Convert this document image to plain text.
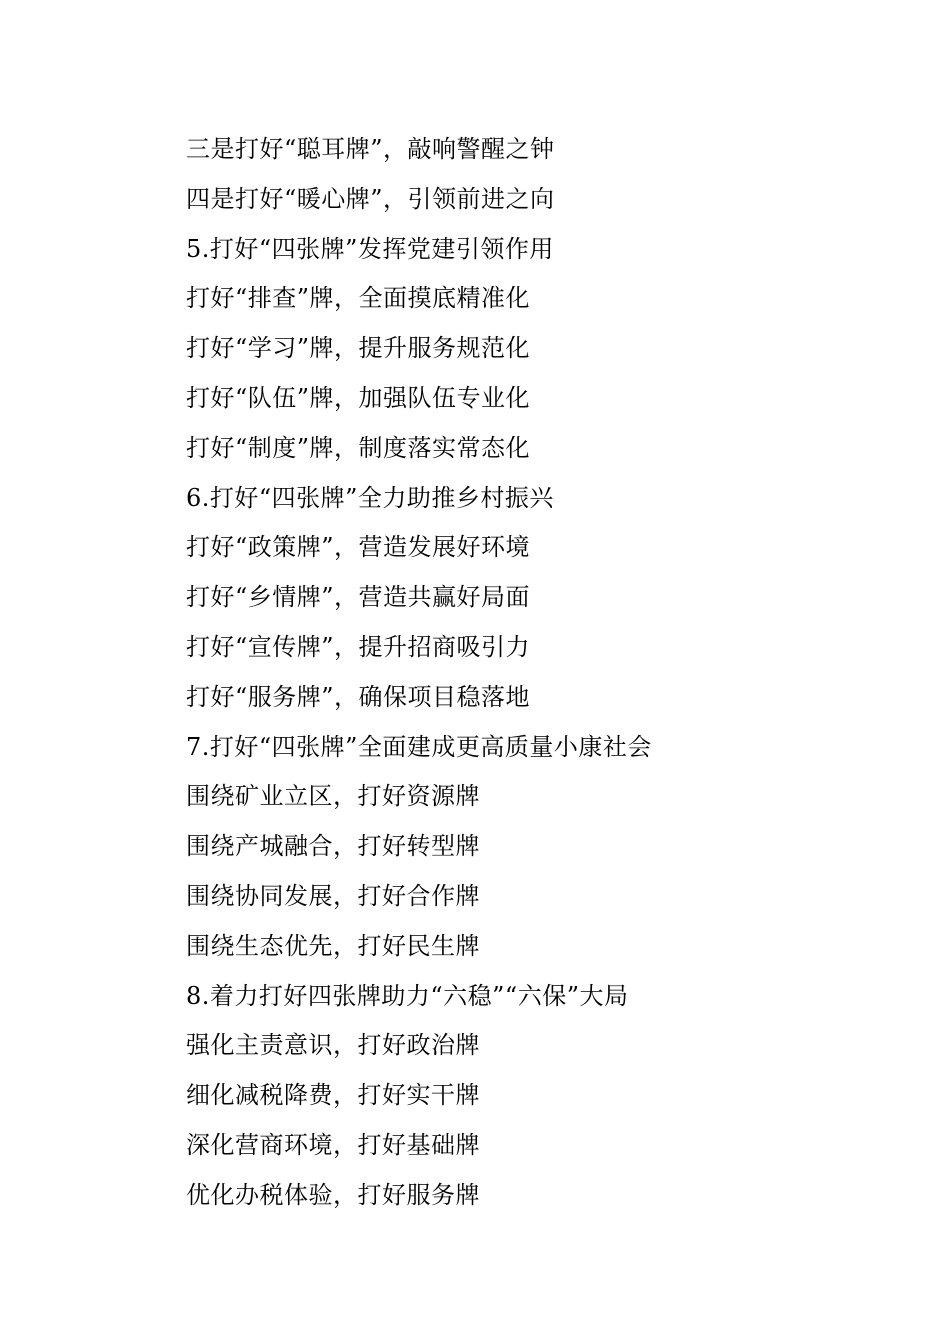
三是打好“聪耳牌”，敲响警醒之钟
四是打好“暖心牌”，引领前进之向
5.打好“四张牌”发挥党建引领作用
打好“排查”牌，全面摸底精准化
打好“学习”牌，提升服务规范化
打好“队伍”牌，加强队伍专业化
打好“制度”牌，制度落实常态化
6.打好“四张牌”全力助推乡村振兴
打好“政策牌”，营造发展好环境
打好“乡情牌”，营造共赢好局面
打好“宣传牌”，提升招商吸引力
打好“服务牌”，确保项目稳落地
7.打好“四张牌”全面建成更高质量小康社会
围绕矿业立区，打好资源牌
围绕产城融合，打好转型牌
围绕协同发展，打好合作牌
围绕生态优先，打好民生牌
8.着力打好四张牌助力“六稳”“六保”大局
强化主责意识，打好政治牌
细化减税降费，打好实干牌
深化营商环境，打好基础牌
优化办税体验，打好服务牌
